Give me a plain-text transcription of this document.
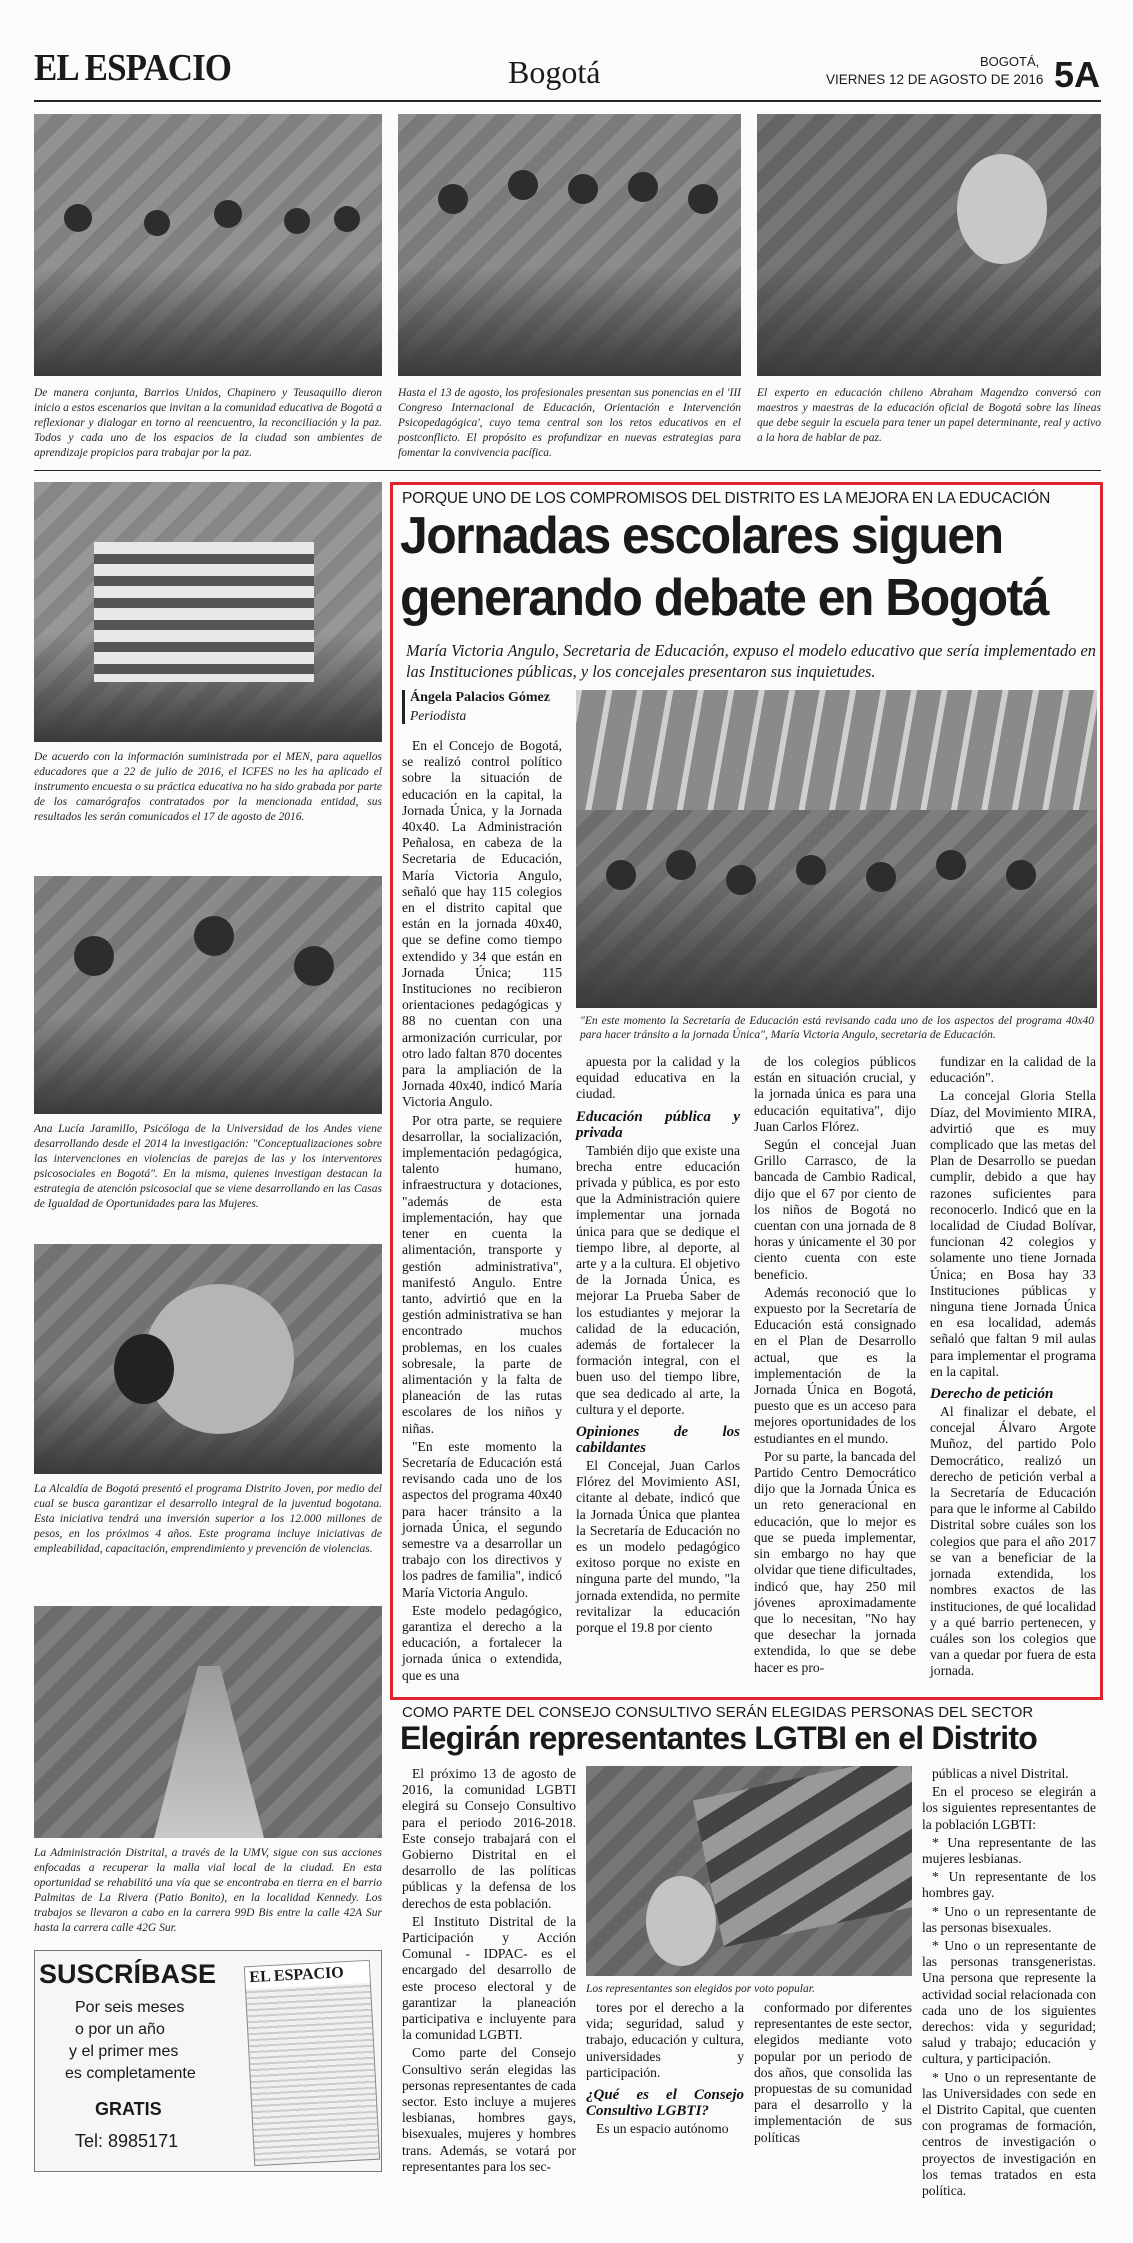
EL ESPACIO	Bogotá	BOGOTÁ,
VIERNES 12 DE AGOSTO DE 2016 5A
De manera conjunta, Barrios Unidos, Chapinero y Teusaquillo dieron inicio a estos escenarios que invitan a la comunidad educativa de Bogotá a reflexionar y dialogar en torno al reencuentro, la reconciliación y la paz. Todos y cada uno de los espacios de la ciudad son ambientes de aprendizaje propicios para trabajar por la paz.
Hasta el 13 de agosto, los profesionales presentan sus ponencias en el 'III Congreso Internacional de Educación, Orientación e Intervención Psicopedagógica', cuyo tema central son los retos educativos en el postconflicto. El propósito es profundizar en nuevas estrategias para fomentar la convivencia pacífica.
El experto en educación chileno Abraham Magendzo conversó con maestros y maestras de la educación oficial de Bogotá sobre las líneas que debe seguir la escuela para tener un papel determinante, real y activo a la hora de hablar de paz.
De acuerdo con la información suministrada por el MEN, para aquellos educadores que a 22 de julio de 2016, el ICFES no les ha aplicado el instrumento encuesta o su práctica educativa no ha sido grabada por parte de los camarógrafos contratados por la mencionada entidad, sus resultados les serán comunicados el 17 de agosto de 2016.
Ana Lucía Jaramillo, Psicóloga de la Universidad de los Andes viene desarrollando desde el 2014 la investigación: "Conceptualizaciones sobre las intervenciones en violencias de parejas de las y los interventores psicosociales en Bogotá". En la misma, quienes investigan destacan la estrategia de atención psicosocial que se viene desarrollando en las Casas de Igualdad de Oportunidades para las Mujeres.
La Alcaldía de Bogotá presentó el programa Distrito Joven, por medio del cual se busca garantizar el desarrollo integral de la juventud bogotana. Esta iniciativa tendrá una inversión superior a los 12.000 millones de pesos, en los próximos 4 años. Este programa incluye iniciativas de empleabilidad, capacitación, emprendimiento y prevención de violencias.
La Administración Distrital, a través de la UMV, sigue con sus acciones enfocadas a recuperar la malla vial local de la ciudad. En esta oportunidad se rehabilitó una vía que se encontraba en tierra en el barrio Palmitas de La Rivera (Patio Bonito), en la localidad Kennedy. Los trabajos se llevaron a cabo en la carrera 99D Bis entre la calle 42A Sur hasta la carrera calle 42G Sur.
SUSCRÍBASE
Por seis meses
o por un año
y el primer mes
es completamente
GRATIS
Tel: 8985171
EL ESPACIO
PORQUE UNO DE LOS COMPROMISOS DEL DISTRITO ES LA MEJORA EN LA EDUCACIÓN
Jornadas escolares siguen
generando debate en Bogotá
María Victoria Angulo, Secretaria de Educación, expuso el modelo educativo que sería implementado en las Instituciones públicas, y los concejales presentaron sus inquietudes.
Ángela Palacios Gómez
Periodista
"En este momento la Secretaría de Educación está revisando cada uno de los aspectos del programa 40x40 para hacer tránsito a la jornada Única", María Victoria Angulo, secretaria de Educación.

En el Concejo de Bogotá, se realizó control político sobre la situación de educación en la capital, la Jornada Única, y la Jornada 40x40. La Administración Peñalosa, en cabeza de la Secretaria de Educación, María Victoria Angulo, señaló que hay 115 colegios en el distrito capital que están en la jornada 40x40, que se define como tiempo extendido y 34 que están en Jornada Única; 115 Instituciones no recibieron orientaciones pedagógicas y 88 no cuentan con una armonización curricular, por otro lado faltan 870 docentes para la ampliación de la Jornada 40x40, indicó María Victoria Angulo.

Por otra parte, se requiere desarrollar, la socialización, implementación pedagógica, talento humano, infraestructura y dotaciones, "además de esta implementación, hay que tener en cuenta la alimentación, transporte y gestión administrativa", manifestó Angulo. Entre tanto, advirtió que en la gestión administrativa se han encontrado muchos problemas, en los cuales sobresale, la parte de alimentación y la falta de planeación de las rutas escolares de los niños y niñas.

"En este momento la Secretaría de Educación está revisando cada uno de los aspectos del programa 40x40 para hacer tránsito a la jornada Única, el segundo semestre va a desarrollar un trabajo con los directivos y los padres de familia", indicó María Victoria Angulo.

Este modelo pedagógico, garantiza el derecho a la educación, a fortalecer la jornada única o extendida, que es una

apuesta por la calidad y la equidad educativa en la ciudad.

Educación pública y privada

También dijo que existe una brecha entre educación privada y pública, es por esto que la Administración quiere implementar una jornada única para que se dedique el tiempo libre, al deporte, al arte y a la cultura. El objetivo de la Jornada Única, es mejorar La Prueba Saber de los estudiantes y mejorar la calidad de la educación, además de fortalecer la formación integral, con el buen uso del tiempo libre, que sea dedicado al arte, la cultura y el deporte.

Opiniones de los cabildantes

El Concejal, Juan Carlos Flórez del Movimiento ASI, citante al debate, indicó que la Jornada Única que plantea la Secretaría de Educación no es un modelo pedagógico exitoso porque no existe en ninguna parte del mundo, "la jornada extendida, no permite revitalizar la educación porque el 19.8 por ciento

de los colegios públicos están en situación crucial, y la jornada única es para una educación equitativa", dijo Juan Carlos Flórez.

Según el concejal Juan Grillo Carrasco, de la bancada de Cambio Radical, dijo que el 67 por ciento de los niños de Bogotá no cuentan con una jornada de 8 horas y únicamente el 30 por ciento cuenta con este beneficio.

Además reconoció que lo expuesto por la Secretaría de Educación está consignado en el Plan de Desarrollo actual, que es la implementación de la Jornada Única en Bogotá, puesto que es un acceso para mejores oportunidades de los estudiantes en el mundo.

Por su parte, la bancada del Partido Centro Democrático dijo que la Jornada Única es un reto generacional en educación, que lo mejor es que se pueda implementar, sin embargo no hay que olvidar que tiene dificultades, indicó que, hay 250 mil jóvenes aproximadamente que lo necesitan, "No hay que desechar la jornada extendida, lo que se debe hacer es pro-

fundizar en la calidad de la educación".

La concejal Gloria Stella Díaz, del Movimiento MIRA, advirtió que es muy complicado que las metas del Plan de Desarrollo se puedan cumplir, debido a que hay razones suficientes para reconocerlo. Indicó que en la localidad de Ciudad Bolívar, funcionan 42 colegios y solamente uno tiene Jornada Única; en Bosa hay 33 Instituciones públicas y ninguna tiene Jornada Única en esa localidad, además señaló que faltan 9 mil aulas para implementar el programa en la capital.

Derecho de petición

Al finalizar el debate, el concejal Álvaro Argote Muñoz, del partido Polo Democrático, realizó un derecho de petición verbal a la Secretaría de Educación para que le informe al Cabildo Distrital sobre cuáles son los colegios que para el año 2017 se van a beneficiar de la jornada extendida, los nombres exactos de las instituciones, de qué localidad y a qué barrio pertenecen, y cuáles son los colegios que van a quedar por fuera de esta jornada.

COMO PARTE DEL CONSEJO CONSULTIVO SERÁN ELEGIDAS PERSONAS DEL SECTOR
Elegirán representantes LGTBI en el Distrito
Los representantes son elegidos por voto popular.

El próximo 13 de agosto de 2016, la comunidad LGBTI elegirá su Consejo Consultivo para el periodo 2016-2018. Este consejo trabajará con el Gobierno Distrital en el desarrollo de las políticas públicas y la defensa de los derechos de esta población.

El Instituto Distrital de la Participación y Acción Comunal - IDPAC- es el encargado del desarrollo de este proceso electoral y de garantizar la planeación participativa e incluyente para la comunidad LGBTI.

Como parte del Consejo Consultivo serán elegidas las personas representantes de cada sector. Esto incluye a mujeres lesbianas, hombres gays, bisexuales, mujeres y hombres trans. Además, se votará por representantes para los sec-

tores por el derecho a la vida; seguridad, salud y trabajo, educación y cultura, universidades y participación.

¿Qué es el Consejo Consultivo LGBTI?

Es un espacio autónomo

conformado por diferentes representantes de este sector, elegidos mediante voto popular por un periodo de dos años, que consolida las propuestas de su comunidad para el desarrollo y la implementación de sus políticas

públicas a nivel Distrital.

En el proceso se elegirán a los siguientes representantes de la población LGBTI:

* Una representante de las mujeres lesbianas.

* Un representante de los hombres gay.

* Uno o un representante de las personas bisexuales.

* Uno o un representante de las personas transgeneristas. Una persona que represente la actividad social relacionada con cada uno de los siguientes derechos: vida y seguridad; salud y trabajo; educación y cultura, y participación.

* Uno o un representante de las Universidades con sede en el Distrito Capital, que cuenten con programas de formación, centros de investigación o proyectos de investigación en los temas tratados en esta política.
